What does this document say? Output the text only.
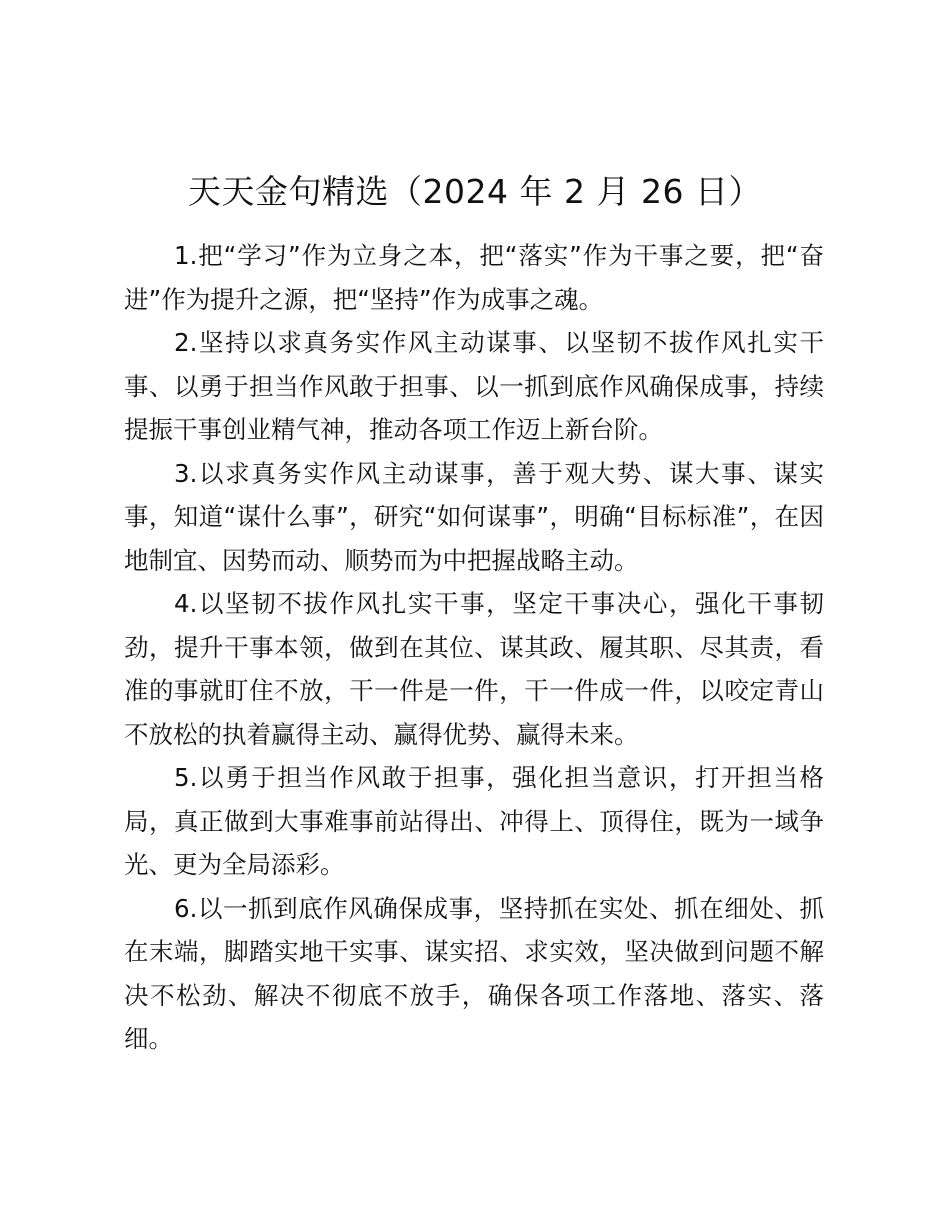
天天金句精选（2024 年 2 月 26 日）

1.把“学习”作为立身之本，把“落实”作为干事之要，把“奋进”作为提升之源，把“坚持”作为成事之魂。

2.坚持以求真务实作风主动谋事、以坚韧不拔作风扎实干事、以勇于担当作风敢于担事、以一抓到底作风确保成事，持续提振干事创业精气神，推动各项工作迈上新台阶。

3.以求真务实作风主动谋事，善于观大势、谋大事、谋实事，知道“谋什么事”，研究“如何谋事”，明确“目标标准”，在因地制宜、因势而动、顺势而为中把握战略主动。

4.以坚韧不拔作风扎实干事，坚定干事决心，强化干事韧劲，提升干事本领，做到在其位、谋其政、履其职、尽其责，看准的事就盯住不放，干一件是一件，干一件成一件，以咬定青山不放松的执着赢得主动、赢得优势、赢得未来。

5.以勇于担当作风敢于担事，强化担当意识，打开担当格局，真正做到大事难事前站得出、冲得上、顶得住，既为一域争光、更为全局添彩。

6.以一抓到底作风确保成事，坚持抓在实处、抓在细处、抓在末端，脚踏实地干实事、谋实招、求实效，坚决做到问题不解决不松劲、解决不彻底不放手，确保各项工作落地、落实、落细。
